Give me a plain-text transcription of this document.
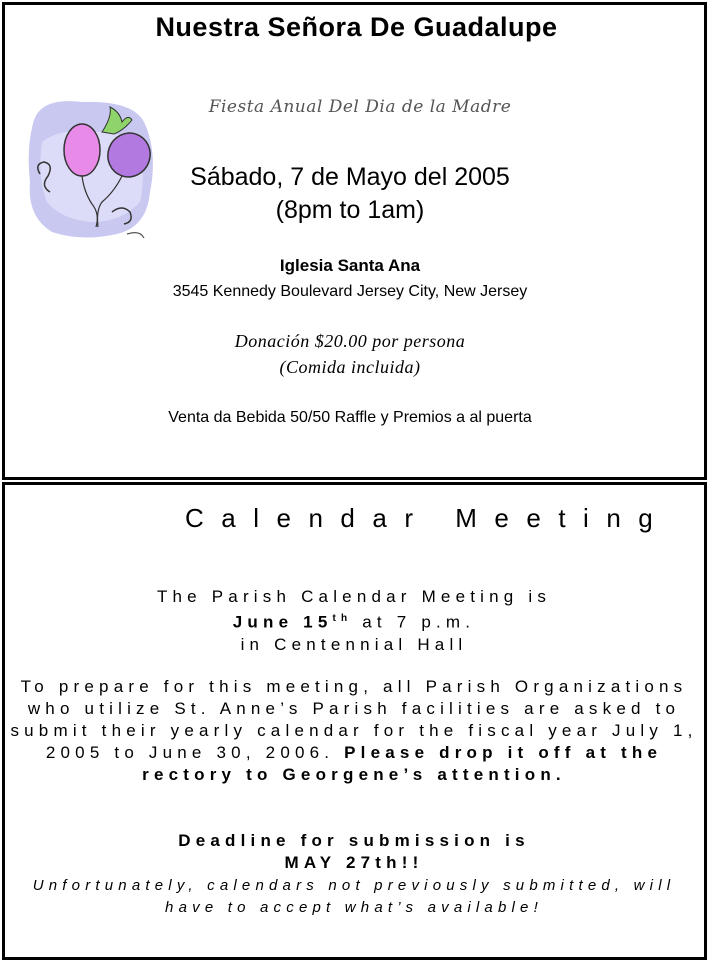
Nuestra Señora De Guadalupe
Fiesta Anual Del Dia de la Madre
Sábado, 7 de Mayo del 2005
(8pm to 1am)
Iglesia Santa Ana
3545 Kennedy Boulevard Jersey City, New Jersey
Donación $20.00 por persona
(Comida incluida)
Venta da Bebida 50/50 Raffle y Premios a al puerta
Calendar Meeting
The Parish Calendar Meeting is
June 15th at 7 p.m.
in Centennial Hall
To prepare for this meeting, all Parish Organizations who utilize St. Anne’s Parish facilities are asked to submit their yearly calendar for the fiscal year July 1, 2005 to June 30, 2006. Please drop it off at the rectory to Georgene’s attention.
Deadline for submission is
MAY 27th!!
Unfortunately, calendars not previously submitted, will have to accept what’s available!
